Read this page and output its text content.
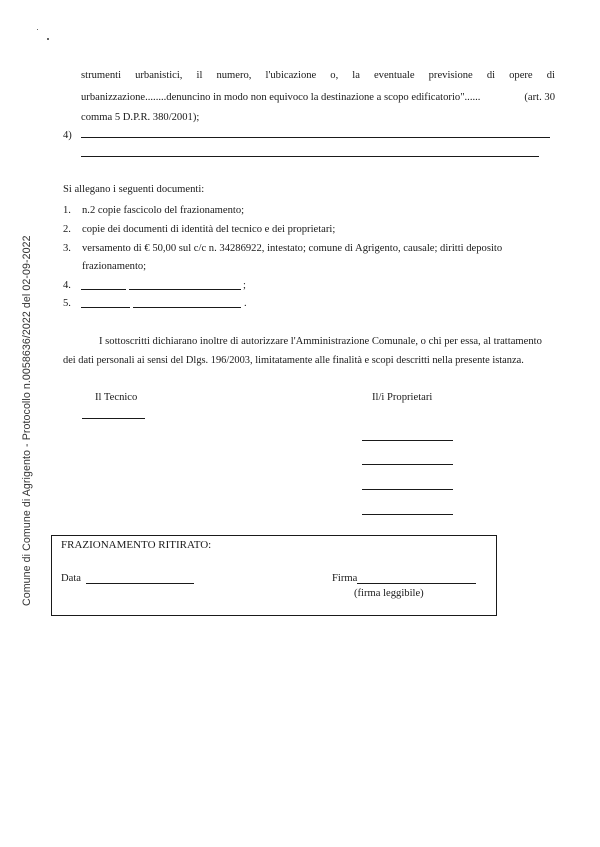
Comune di Comune di Agrigento - Protocollo n.0058636/2022 del 02-09-2022
strumenti urbanistici, il numero, l'ubicazione o, la eventuale previsione di opere di
urbanizzazione........denuncino in modo non equivoco la destinazione a scopo edificatorio"......	(art. 30
comma 5 D.P.R. 380/2001);
4)
Si allegano i seguenti documenti:
1. n.2 copie fascicolo del frazionamento;
2. copie dei documenti di identità del tecnico e dei proprietari;
3. versamento di € 50,00 sul c/c n. 34286922, intestato; comune di Agrigento, causale; diritti deposito
frazionamento;
4.	;
5.	.
I sottoscritti dichiarano inoltre di autorizzare l'Amministrazione Comunale, o chi per essa, al trattamento
dei dati personali ai sensi del Dlgs. 196/2003, limitatamente alle finalità e scopi descritti nella presente istanza.
Il Tecnico	Il/i Proprietari
FRAZIONAMENTO RITIRATO:
Data	Firma
(firma leggibile)
